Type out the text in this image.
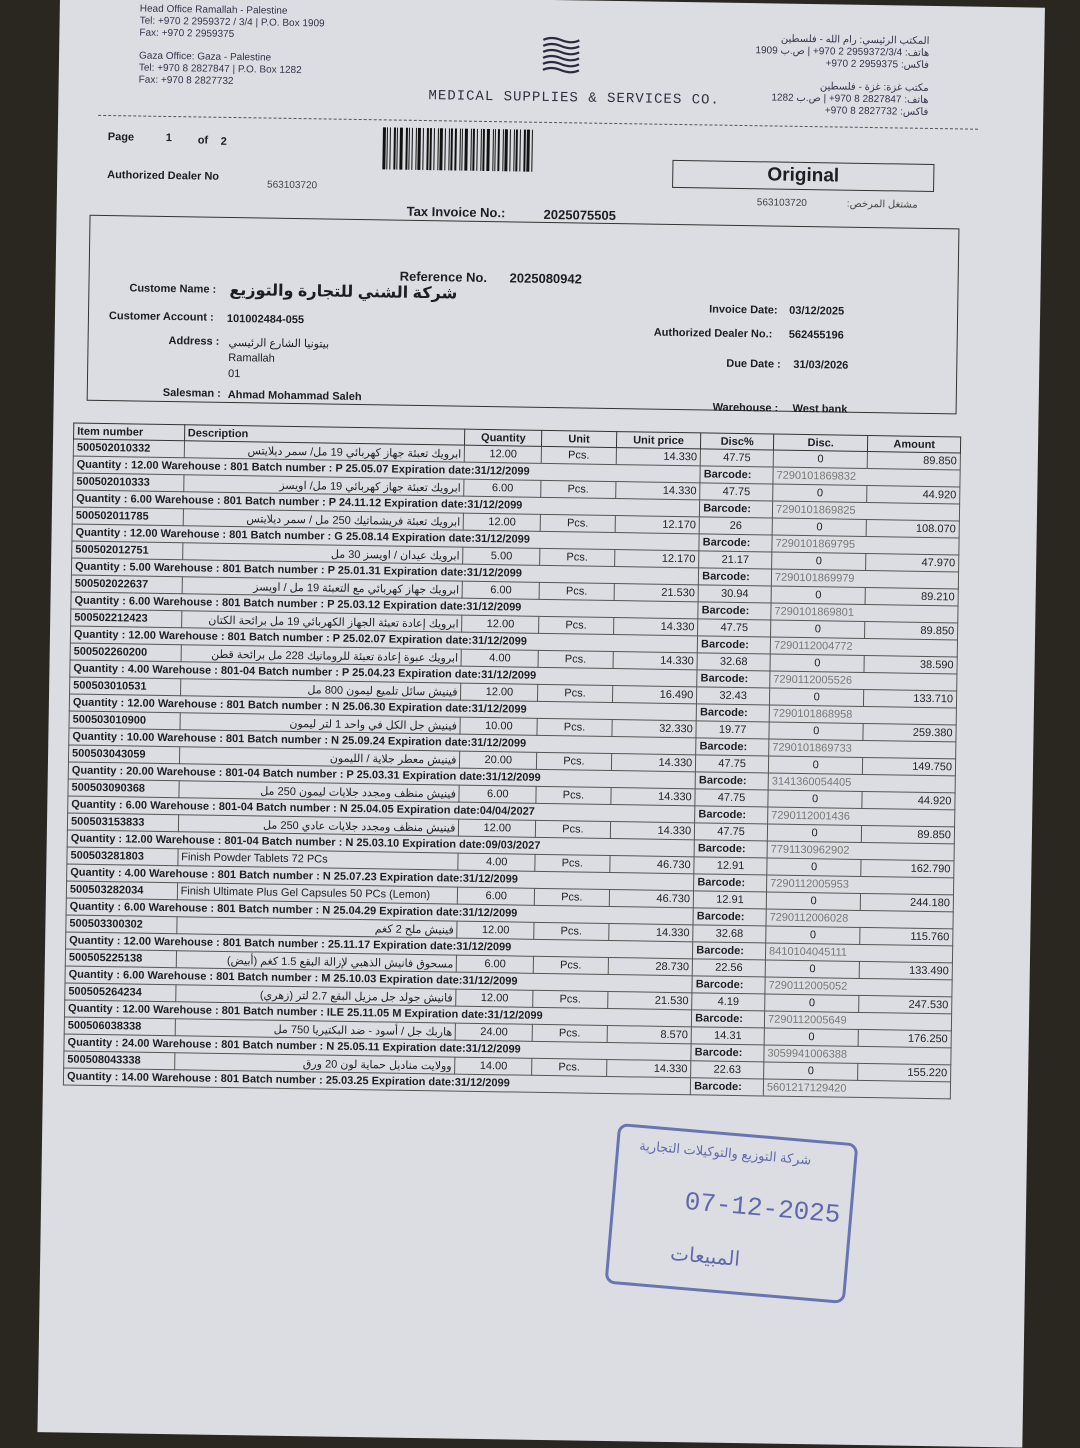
Head Office Ramallah - Palestine
Tel: +970 2 2959372 / 3/4 | P.O. Box 1909
Fax: +970 2 2959375
Gaza Office: Gaza - Palestine
Tel: +970 8 2827847 | P.O. Box 1282
Fax: +970 8 2827732
MEDICAL SUPPLIES & SERVICES CO.
المكتب الرئيسي: رام الله - فلسطين
هاتف: 2959372/3/4 2 970+ | ص.ب 1909
فاكس: 2959375 2 970+
مكتب غزة: غزة - فلسطين
هاتف: 2827847 8 970+ | ص.ب 1282
فاكس: 2827732 8 970+
Page	1 of 2
Original
Authorized Dealer No
563103720
563103720	مشتغل المرخص:
Tax Invoice No.:	2025075505
Reference No. 2025080942
Custome Name : شركة الشني للتجارة والتوزيع
Customer Account : 101002484-055
Address : بيتونيا الشارع الرئيسي
Ramallah
01
Salesman : Ahmad Mohammad Saleh
Invoice Date: 03/12/2025
Authorized Dealer No.: 562455196
Due Date : 31/03/2026
Warehouse : West bank
Item number	Description	Quantity	Unit	Unit price	Disc%	Disc.	Amount
500502010332	ابرويك تعبئة جهاز كهربائي 19 مل/ سمر ديلايتس	12.00	Pcs.	14.330	47.75	0	89.850
Quantity : 12.00 Warehouse : 801 Batch number : P 25.05.07 Expiration date:31/12/2099					Barcode:	7290101869832	
500502010333	ابرويك تعبئة جهاز كهربائي 19 مل/ اويسز	6.00	Pcs.	14.330	47.75	0	44.920
Quantity : 6.00 Warehouse : 801 Batch number : P 24.11.12 Expiration date:31/12/2099					Barcode:	7290101869825	
500502011785	ابرويك تعبئة فريشماتيك 250 مل / سمر ديلايتس	12.00	Pcs.	12.170	26	0	108.070
Quantity : 12.00 Warehouse : 801 Batch number : G 25.08.14 Expiration date:31/12/2099					Barcode:	7290101869795	
500502012751	ابرويك عيدان / اويسز 30 مل	5.00	Pcs.	12.170	21.17	0	47.970
Quantity : 5.00 Warehouse : 801 Batch number : P 25.01.31 Expiration date:31/12/2099					Barcode:	7290101869979	
500502022637	ابرويك جهاز كهربائي مع التعبئة 19 مل / اويسز	6.00	Pcs.	21.530	30.94	0	89.210
Quantity : 6.00 Warehouse : 801 Batch number : P 25.03.12 Expiration date:31/12/2099					Barcode:	7290101869801	
500502212423	ابرويك إعادة تعبئة الجهاز الكهربائي 19 مل برائحة الكتان	12.00	Pcs.	14.330	47.75	0	89.850
Quantity : 12.00 Warehouse : 801 Batch number : P 25.02.07 Expiration date:31/12/2099					Barcode:	7290112004772	
500502260200	ابرويك عبوة إعادة تعبئة للرومانيك 228 مل برائحة قطن	4.00	Pcs.	14.330	32.68	0	38.590
Quantity : 4.00 Warehouse : 801-04 Batch number : P 25.04.23 Expiration date:31/12/2099					Barcode:	7290112005526	
500503010531	فينيش سائل تلميع ليمون 800 مل	12.00	Pcs.	16.490	32.43	0	133.710
Quantity : 12.00 Warehouse : 801 Batch number : N 25.06.30 Expiration date:31/12/2099					Barcode:	7290101868958	
500503010900	فينيش جل الكل في واحد 1 لتر ليمون	10.00	Pcs.	32.330	19.77	0	259.380
Quantity : 10.00 Warehouse : 801 Batch number : N 25.09.24 Expiration date:31/12/2099					Barcode:	7290101869733	
500503043059	فينيش معطر جلاية / الليمون	20.00	Pcs.	14.330	47.75	0	149.750
Quantity : 20.00 Warehouse : 801-04 Batch number : P 25.03.31 Expiration date:31/12/2099					Barcode:	3141360054405	
500503090368	فينيش منظف ومجدد جلايات ليمون 250 مل	6.00	Pcs.	14.330	47.75	0	44.920
Quantity : 6.00 Warehouse : 801-04 Batch number : N 25.04.05 Expiration date:04/04/2027					Barcode:	7290112001436	
500503153833	فينيش منظف ومجدد جلايات عادي 250 مل	12.00	Pcs.	14.330	47.75	0	89.850
Quantity : 12.00 Warehouse : 801-04 Batch number : N 25.03.10 Expiration date:09/03/2027					Barcode:	7791130962902	
500503281803	Finish Powder Tablets 72 PCs	4.00	Pcs.	46.730	12.91	0	162.790
Quantity : 4.00 Warehouse : 801 Batch number : N 25.07.23 Expiration date:31/12/2099					Barcode:	7290112005953	
500503282034	Finish Ultimate Plus Gel Capsules 50 PCs (Lemon)	6.00	Pcs.	46.730	12.91	0	244.180
Quantity : 6.00 Warehouse : 801 Batch number : N 25.04.29 Expiration date:31/12/2099					Barcode:	7290112006028	
500503300302	فينيش ملح 2 كغم	12.00	Pcs.	14.330	32.68	0	115.760
Quantity : 12.00 Warehouse : 801 Batch number : 25.11.17 Expiration date:31/12/2099					Barcode:	8410104045111	
500505225138	مسحوق فانيش الذهبي لإزالة البقع 1.5 كغم (أبيض)	6.00	Pcs.	28.730	22.56	0	133.490
Quantity : 6.00 Warehouse : 801 Batch number : M 25.10.03 Expiration date:31/12/2099					Barcode:	7290112005052	
500505264234	فانيش جولد جل مزيل البقع 2.7 لتر (زهري)	12.00	Pcs.	21.530	4.19	0	247.530
Quantity : 12.00 Warehouse : 801 Batch number : ILE 25.11.05 M Expiration date:31/12/2099					Barcode:	7290112005649	
500506038338	هاربك جل / أسود - ضد البكتيريا 750 مل	24.00	Pcs.	8.570	14.31	0	176.250
Quantity : 24.00 Warehouse : 801 Batch number : N 25.05.11 Expiration date:31/12/2099					Barcode:	3059941006388	
500508043338	وولايت مناديل حماية لون 20 ورق	14.00	Pcs.	14.330	22.63	0	155.220
Quantity : 14.00 Warehouse : 801 Batch number : 25.03.25 Expiration date:31/12/2099					Barcode:	5601217129420	
شركة التوزيع والتوكيلات التجارية
07-12-2025
المبيعات
